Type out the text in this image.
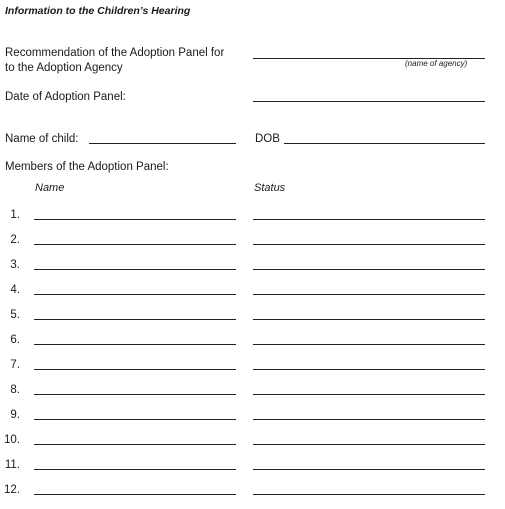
Information to the Children’s Hearing
Recommendation of the Adoption Panel for
to the Adoption Agency	(name of agency)
Date of Adoption Panel:
Name of child:	DOB
Members of the Adoption Panel:
Name	Status
1.
2.
3.
4.
5.
6.
7.
8.
9.
10.
11.
12.
